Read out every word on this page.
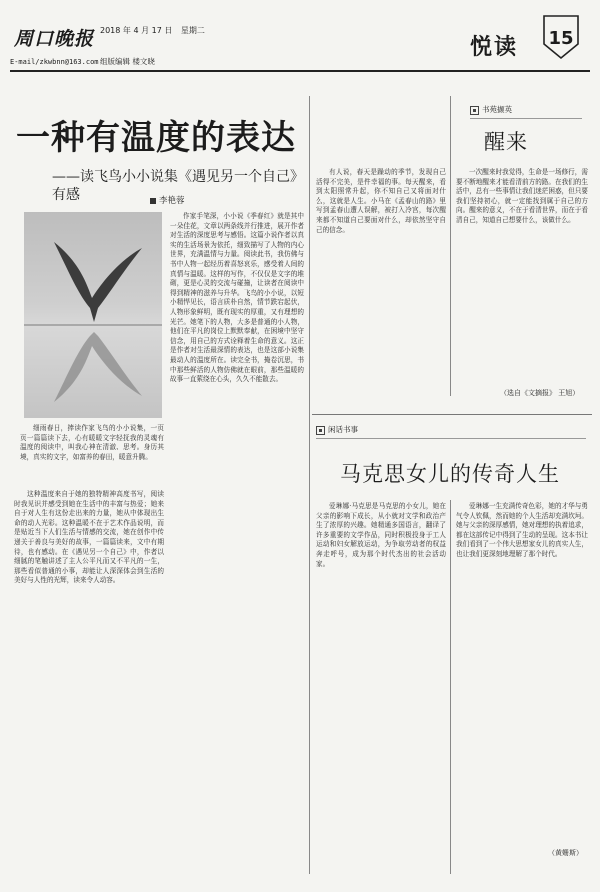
周口晚报 2018 年 4 月 17 日 星期二
组版编辑 楼文晓
E-mail/zkwbnn@163.com
悦读	15
一种有温度的表达
——读飞鸟小小说集《遇见另一个自己》有感	李艳蓉
细雨春日，捧读作家飞鸟的小小说集，一页页一篇篇读下去，心有暖暖文字轻抚我的灵魂有温度的阅读中，叫我心神在清澈、思考。身历其境，真实的文字，如富养的春田，暖意升腾。
这种温度来自于她的独特精神高度书写，阅读时我见识并感受到她在生活中的丰富与热爱；她来自于对人生有这份走出来的力量，她从中体现出生命的动人光彩。这种温暖不在于艺术作品说明，而是贴近当下人们生活与情感的交流，她在创作中传递关于善良与美好的故事，一篇篇读来，文中有期待，也有感动。在《遇见另一个自己》中，作者以细腻的笔触讲述了主人公平凡而又不平凡的一生，那些看似普通的小事，却能让人深深体会到生活的美好与人性的光辉，读来令人动容。
作家手笔深，小小说《季春红》就是其中一朵佳花，文章以两条线并行推进，展开作者对生活的深度思考与感悟。这篇小说作者以真实的生活场景为依托，细致描写了人物的内心世界，充满温情与力量。阅读此书，我仿佛与书中人物一起经历着喜怒哀乐，感受着人间的真情与温暖。这样的写作，不仅仅是文字的堆砌，更是心灵的交流与碰撞，让读者在阅读中得到精神的滋养与升华。飞鸟的小小说，以短小精悍见长，语言质朴自然，情节跌宕起伏，人物形象鲜明，既有现实的厚重，又有理想的光芒。她笔下的人物，大多是普通的小人物，他们在平凡的岗位上默默奉献，在困境中坚守信念，用自己的方式诠释着生命的意义。这正是作者对生活最深情的表达，也是这部小说集最动人的温度所在。读完全书，掩卷沉思，书中那些鲜活的人物仿佛就在眼前，那些温暖的故事一直萦绕在心头，久久不能散去。
书苑撷英
醒来
有人说，春天是躁动的季节，发现自己活得不完美，是件幸福的事。每天醒来，看到太阳照常升起，你不知自己又将面对什么，这就是人生。小马在《孟春山的路》里写到孟春山遭人误解，被打入冷宫，每次醒来都不知道自己要面对什么，却依然坚守自己的信念。
一次醒来时我觉得，生命是一场修行，需要不断地醒来才能看清前方的路。在我们的生活中，总有一些事情让我们迷茫困惑，但只要我们坚持初心，就一定能找到属于自己的方向。醒来的意义，不在于看清世界，而在于看清自己，知道自己想要什么，该做什么。
（选自《文摘报》 王旭）
闲话书事
马克思女儿的传奇人生
爱琳娜·马克思是马克思的小女儿，她在父亲的影响下成长，从小就对文学和政治产生了浓厚的兴趣。她精通多国语言，翻译了许多重要的文学作品，同时积极投身于工人运动和妇女解放运动，为争取劳动者的权益奔走呼号，成为那个时代杰出的社会活动家。
爱琳娜一生充满传奇色彩，她的才华与勇气令人钦佩，然而她的个人生活却充满坎坷。她与父亲的深厚感情，她对理想的执着追求，都在这部传记中得到了生动的呈现。这本书让我们看到了一个伟大思想家女儿的真实人生，也让我们更深刻地理解了那个时代。
（黄姗斯）
